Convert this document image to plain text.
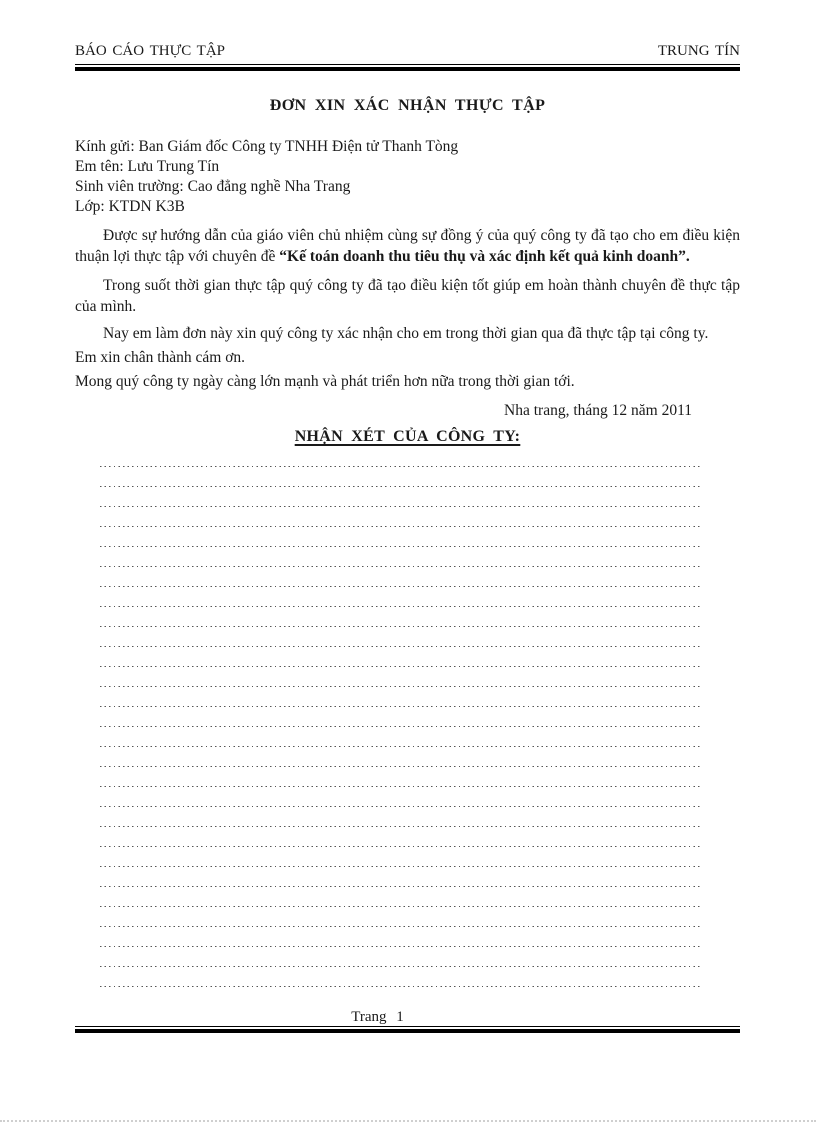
BÁO CÁO THỰC TẬP	TRUNG TÍN
ĐƠN XIN XÁC NHẬN THỰC TẬP
Kính gửi: Ban Giám đốc Công ty TNHH Điện tử Thanh Tòng
Em tên: Lưu Trung Tín
Sinh viên trường: Cao đẳng nghề Nha Trang
Lớp: KTDN K3B

Được sự hướng dẫn của giáo viên chủ nhiệm cùng sự đồng ý của quý công ty đã tạo cho em điều kiện thuận lợi thực tập với chuyên đề “Kế toán doanh thu tiêu thụ và xác định kết quả kinh doanh”.

Trong suốt thời gian thực tập quý công ty đã tạo điều kiện tốt giúp em hoàn thành chuyên đề thực tập của mình.

Nay em làm đơn này xin quý công ty xác nhận cho em trong thời gian qua đã thực tập tại công ty.

Em xin chân thành cám ơn.

Mong quý công ty ngày càng lớn mạnh và phát triển hơn nữa trong thời gian tới.

Nha trang, tháng 12 năm 2011
NHẬN XÉT CỦA CÔNG TY:
Trang 1
